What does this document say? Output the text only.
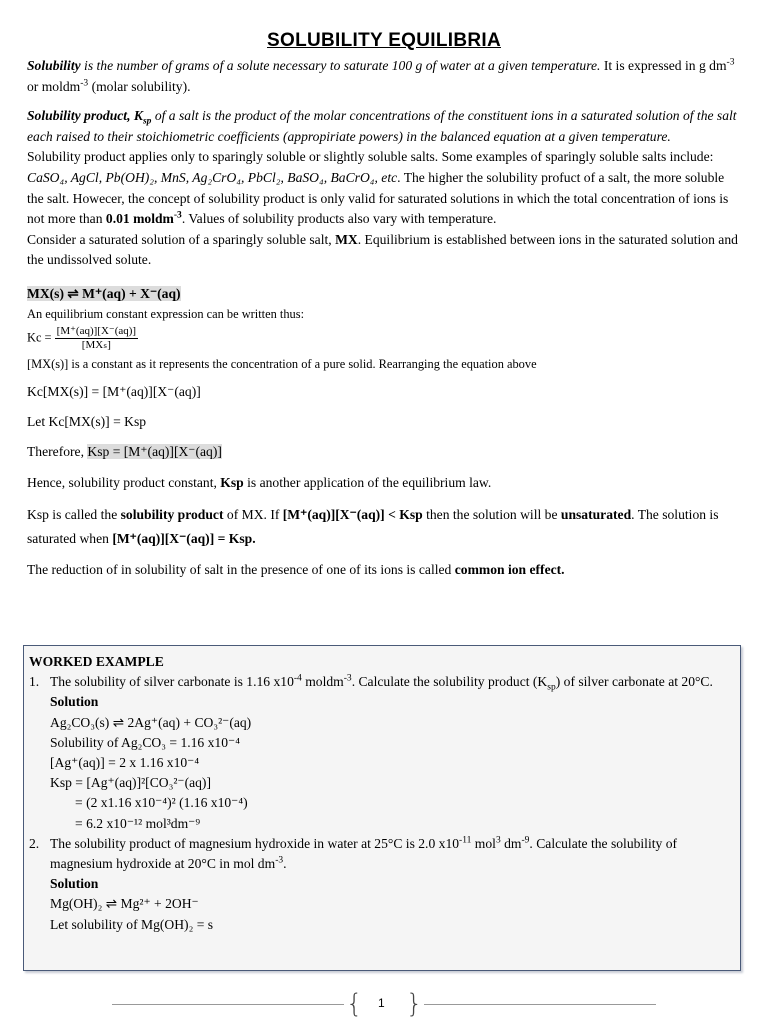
SOLUBILITY EQUILIBRIA

Solubility is the number of grams of a solute necessary to saturate 100 g of water at a given temperature. It is expressed in g $dm^{-3}$ or moldm$^{-3}$ (molar solubility).

Solubility product, $K_{sp}$ of a salt is the product of the molar concentrations of the constituent ions in a saturated solution of the salt each raised to their stoichiometric coefficients (appropiriate powers) in the balanced equation at a given temperature.

Solubility product applies only to sparingly soluble or slightly soluble salts. Some examples of sparingly soluble salts include: CaSO₄, AgCl, Pb(OH)₂, MnS, Ag₂CrO₄, PbCl₂, BaSO₄, BaCrO₄, etc. The higher the solubility profuct of a salt, the more soluble the salt. Howecer, the concept of solubility product is only valid for saturated solutions in which the total concentration of ions is not more than 0.01 moldm$^{-3}$. Values of solubility products also vary with temperature.

Consider a saturated solution of a sparingly soluble salt, MX. Equilibrium is established between ions in the saturated solution and the undissolved solute.

MX(s) ⇌ M⁺(aq) + X⁻(aq)

An equilibrium constant expression can be written thus:

$Kc = \frac{[M^+(aq)][X^-(aq)]}{\text{[MXₛ]}}$

[MX(s)] is a constant as it represents the concentration of a pure solid. Rearranging the equation above

Kc[MX(s)] = [M⁺(aq)][X⁻(aq)]

Let Kc[MX(s)] = Ksp

Therefore, Ksp = [M⁺(aq)][X⁻(aq)]

Hence, solubility product constant, Ksp is another application of the equilibrium law.

Ksp is called the solubility product of MX. If [M⁺(aq)][X⁻(aq)] < Ksp then the solution will be unsaturated. The solution is saturated when [M⁺(aq)][X⁻(aq)] = Ksp.

The reduction of in solubility of salt in the presence of one of its ions is called common ion effect.

WORKED EXAMPLE

1. The solubility of silver carbonate is 1.16 $x10^{-4}$ moldm$^{-3}$. Calculate the solubility product $(K_{sp})$ of silver carbonate at 20°C.

Solution

Ag₂CO₃(s) ⇌ 2Ag⁺(aq) + CO₃²⁻(aq)

Solubility of Ag₂CO₃ = 1.16 x10⁻⁴

[Ag⁺(aq)] = 2 x 1.16 x10⁻⁴

Ksp = [Ag⁺(aq)]²[CO₃²⁻(aq)]

= (2 x1.16 x10⁻⁴)² (1.16 x10⁻⁴)

= 6.2 x10⁻¹² mol³dm⁻⁹

2. The solubility product of magnesium hydroxide in water at 25°C is 2.0 $x10^{-11}$ mol$^3$ $dm^{-9}$. Calculate the solubility of magnesium hydroxide at 20°C in mol $dm^{-3}$.

Solution

Mg(OH)₂ ⇌ Mg²⁺ + 2OH⁻

Let solubility of Mg(OH)₂ = s

{ 1 }
